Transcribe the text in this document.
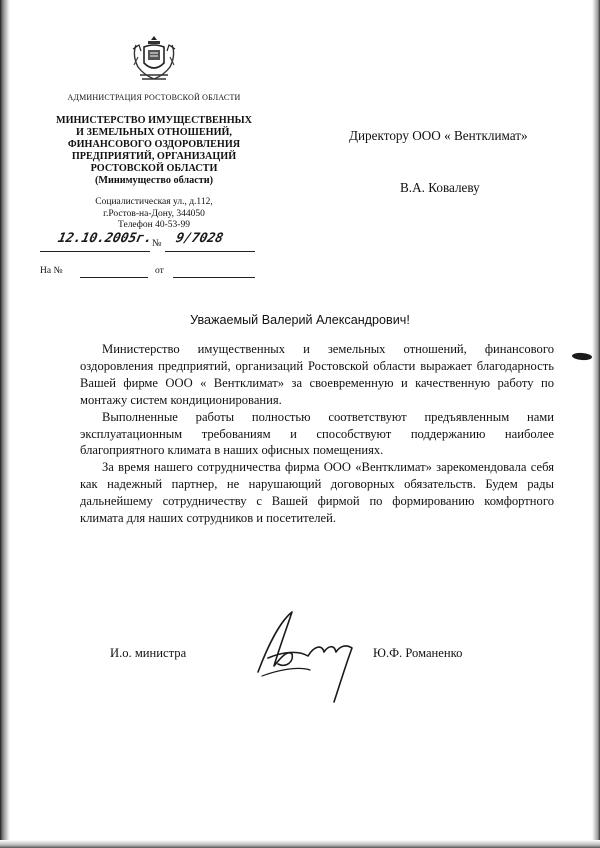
АДМИНИСТРАЦИЯ РОСТОВСКОЙ ОБЛАСТИ
МИНИСТЕРСТВО ИМУЩЕСТВЕННЫХ
И ЗЕМЕЛЬНЫХ ОТНОШЕНИЙ,
ФИНАНСОВОГО ОЗДОРОВЛЕНИЯ
ПРЕДПРИЯТИЙ, ОРГАНИЗАЦИЙ
РОСТОВСКОЙ ОБЛАСТИ
(Минимущество области)
Социалистическая ул., д.112,
г.Ростов-на-Дону, 344050
Телефон 40-53-99
12.10.2005г.
№ 9/7028
На №	от
Директору ООО « Вентклимат»
В.А. Ковалеву
Уважаемый Валерий Александрович!

Министерство имущественных и земельных отношений, финансового оздоровления предприятий, организаций Ростовской области выражает благодарность Вашей фирме ООО « Вентклимат» за своевременную и качественную работу по монтажу систем кондиционирования.

Выполненные работы полностью соответствуют предъявленным нами эксплуатационным требованиям и способствуют поддержанию наиболее благоприятного климата в наших офисных помещениях.

За время нашего сотрудничества фирма ООО «Вентклимат» зарекомендовала себя как надежный партнер, не нарушающий договорных обязательств. Будем рады дальнейшему сотрудничеству с Вашей фирмой по формированию комфортного климата для наших сотрудников и посетителей.

И.о. министра	Ю.Ф. Романенко
